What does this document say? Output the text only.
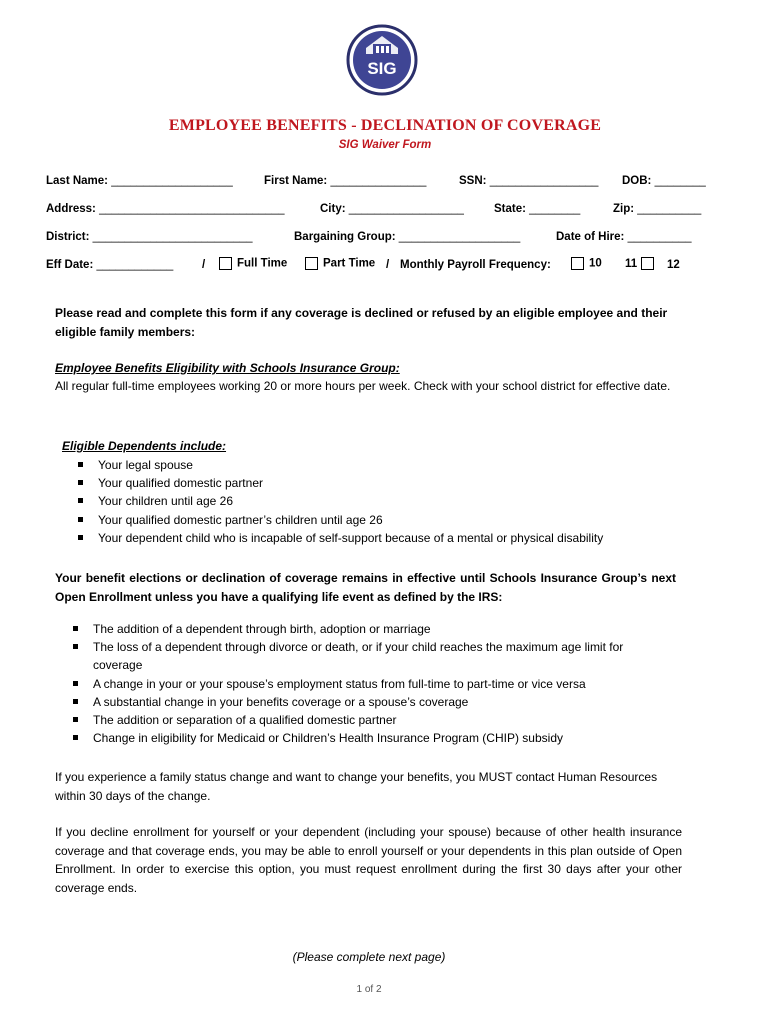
SIG
EMPLOYEE BENEFITS - DECLINATION OF COVERAGE
SIG Waiver Form
Last Name: ___________________	First Name: _______________	SSN: _________________ DOB: ________
Address: _____________________________	City: __________________	State: ________	Zip: __________
District: _________________________	Bargaining Group: ___________________	Date of Hire: __________
Eff Date: ____________	/	Full Time	Part Time / Monthly Payroll Frequency:	10	11	12
Please read and complete this form if any coverage is declined or refused by an eligible employee and their eligible family members:
Employee Benefits Eligibility with Schools Insurance Group:
All regular full-time employees working 20 or more hours per week. Check with your school district for effective date.
Eligible Dependents include:
Your legal spouse
Your qualified domestic partner
Your children until age 26
Your qualified domestic partner’s children until age 26
Your dependent child who is incapable of self-support because of a mental or physical disability
Your benefit elections or declination of coverage remains in effective until Schools Insurance Group’s next Open Enrollment unless you have a qualifying life event as defined by the IRS:
The addition of a dependent through birth, adoption or marriage
The loss of a dependent through divorce or death, or if your child reaches the maximum age limit for coverage
A change in your or your spouse’s employment status from full-time to part-time or vice versa
A substantial change in your benefits coverage or a spouse’s coverage
The addition or separation of a qualified domestic partner
Change in eligibility for Medicaid or Children’s Health Insurance Program (CHIP) subsidy
If you experience a family status change and want to change your benefits, you MUST contact Human Resources within 30 days of the change.
If you decline enrollment for yourself or your dependent (including your spouse) because of other health insurance coverage and that coverage ends, you may be able to enroll yourself or your dependents in this plan outside of Open Enrollment. In order to exercise this option, you must request enrollment during the first 30 days after your other coverage ends.
(Please complete next page)
1 of 2
